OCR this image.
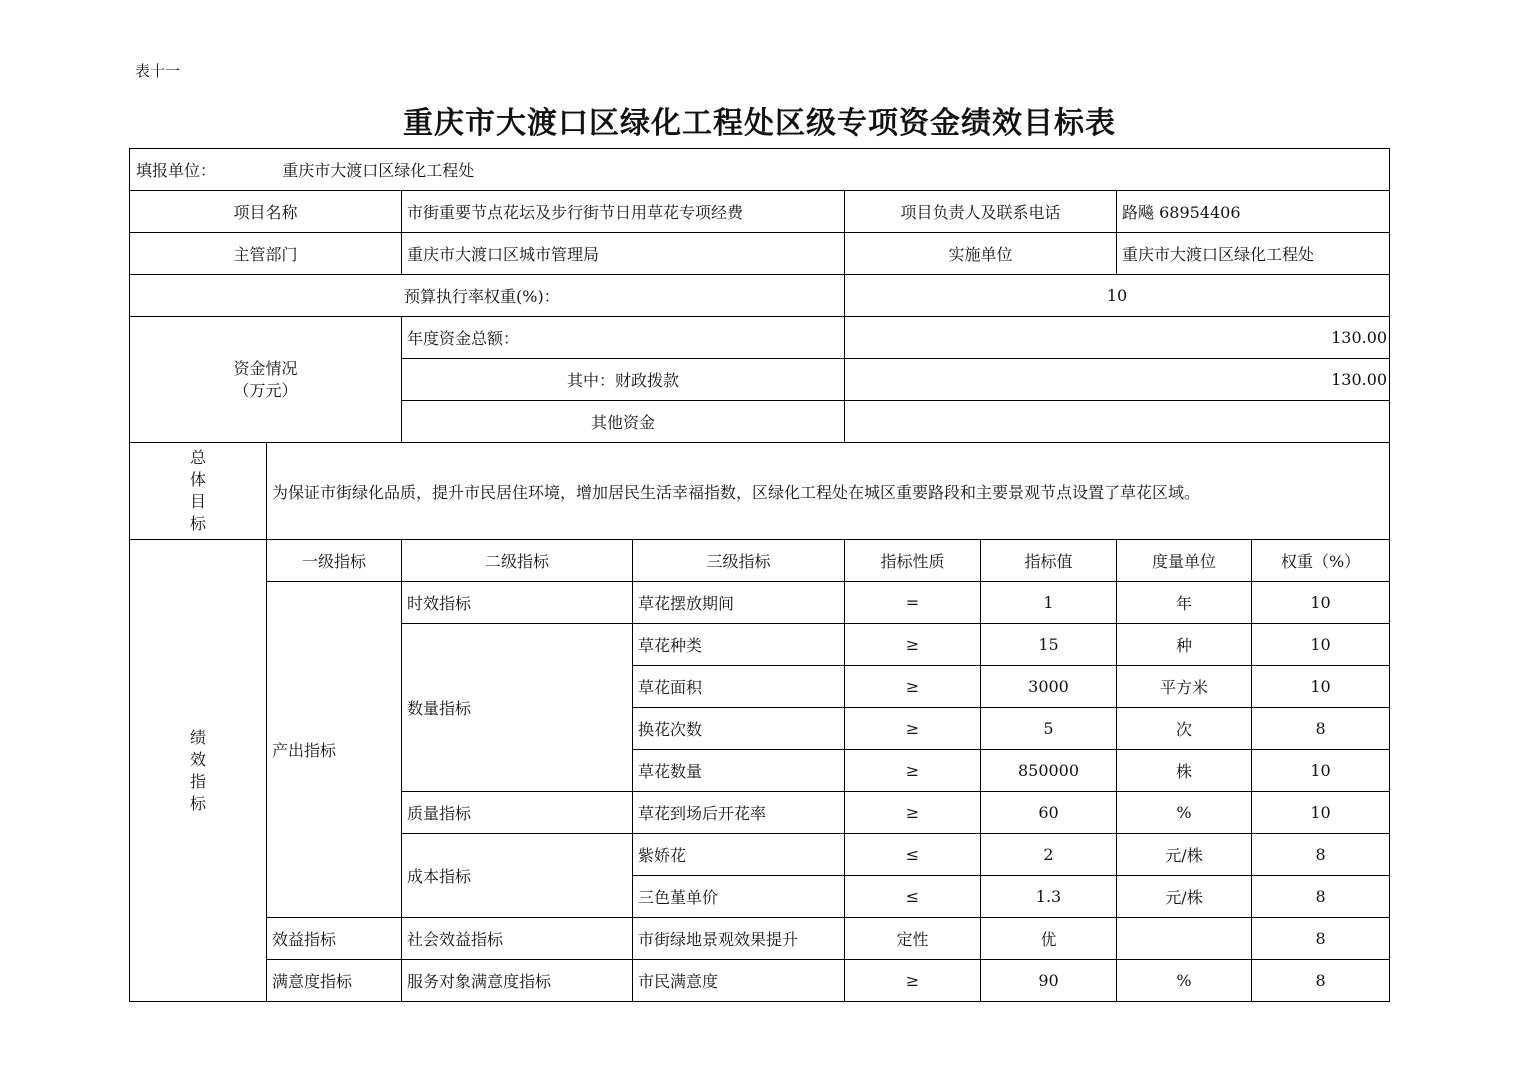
表十一
重庆市大渡口区绿化工程处区级专项资金绩效目标表
填报单位： 重庆市大渡口区绿化工程处							
项目名称		市街重要节点花坛及步行街节日用草花专项经费		项目负责人及联系电话		路飚 68954406	
主管部门		重庆市大渡口区城市管理局		实施单位		重庆市大渡口区绿化工程处	
预算执行率权重(%)：				10			

资金情况
（万元）		年度资金总额：		130.00			
		其中：财政拨款		130.00			
		其他资金					

总
体
目
标	为保证市街绿化品质，提升市民居住环境，增加居民生活幸福指数，区绿化工程处在城区重要路段和主要景观节点设置了草花区域。						

绩
效
指
标	一级指标	二级指标	三级指标	指标性质	指标值	度量单位	权重（%）
	产出指标	时效指标	草花摆放期间	=	1	年	10
		数量指标	草花种类	≥	15	种	10
			草花面积	≥	3000	平方米	10
			换花次数	≥	5	次	8
			草花数量	≥	850000	株	10
		质量指标	草花到场后开花率	≥	60	%	10
		成本指标	紫娇花	≤	2	元/株	8
			三色堇单价	≤	1.3	元/株	8
	效益指标	社会效益指标	市街绿地景观效果提升	定性	优		8
	满意度指标	服务对象满意度指标	市民满意度	≥	90	%	8
